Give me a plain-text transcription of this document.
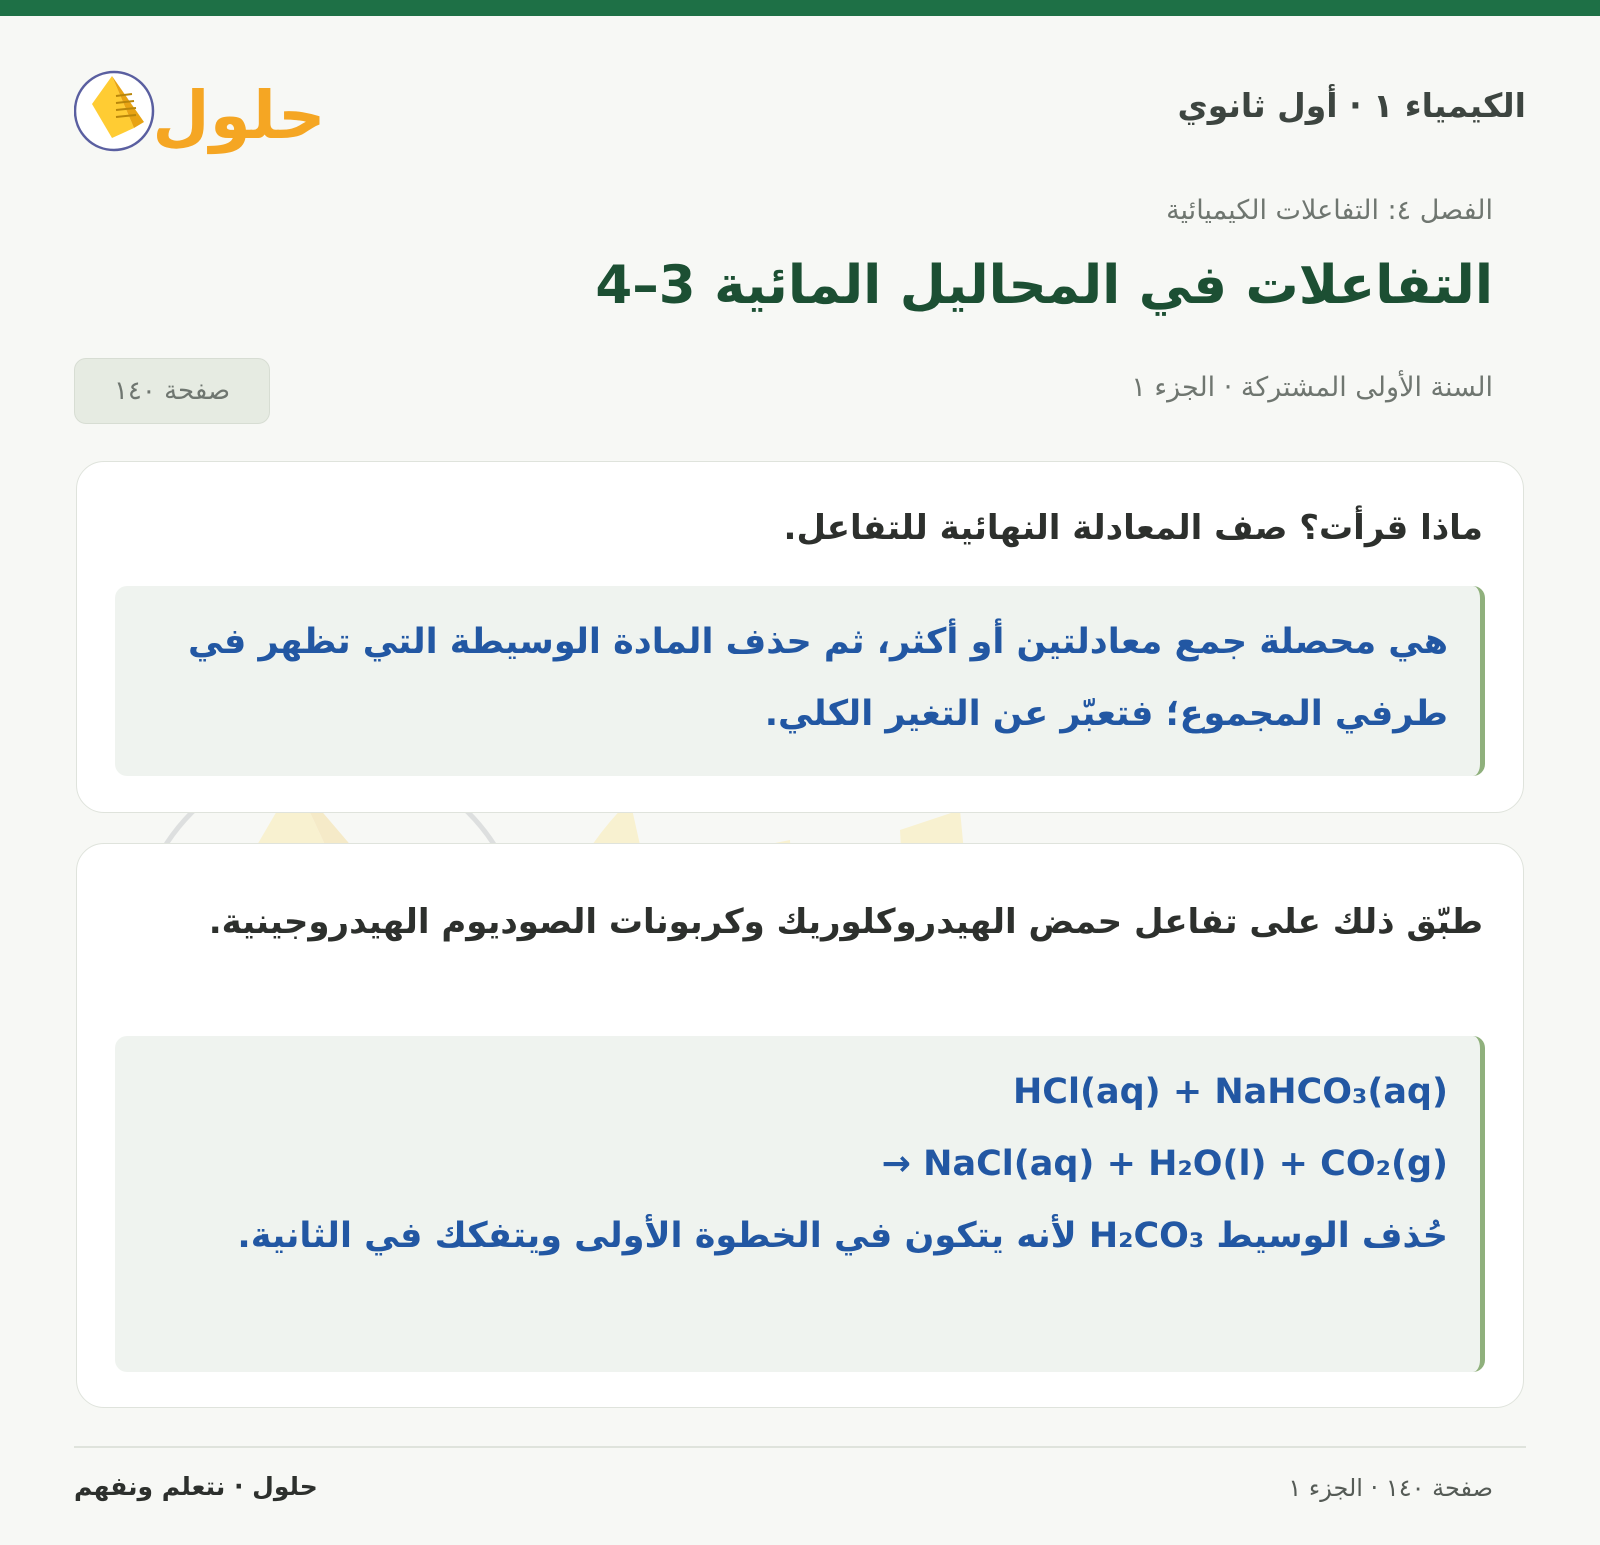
الكيمياء ١ · أول ثانوي
حلول
الفصل ٤: التفاعلات الكيميائية
التفاعلات في المحاليل المائية 3–4
السنة الأولى المشتركة · الجزء ١
صفحة ١٤٠
ماذا قرأت؟ صف المعادلة النهائية للتفاعل.
هي محصلة جمع معادلتين أو أكثر، ثم حذف المادة الوسيطة التي تظهر في طرفي المجموع؛ فتعبّر عن التغير الكلي.
طبّق ذلك على تفاعل حمض الهيدروكلوريك وكربونات الصوديوم الهيدروجينية.
HCl(aq) + NaHCO₃(aq)
→ NaCl(aq) + H₂O(l) + CO₂(g)
حُذف الوسيط H₂CO₃ لأنه يتكون في الخطوة الأولى ويتفكك في الثانية.
صفحة ١٤٠ · الجزء ١
حلول · نتعلم ونفهم
